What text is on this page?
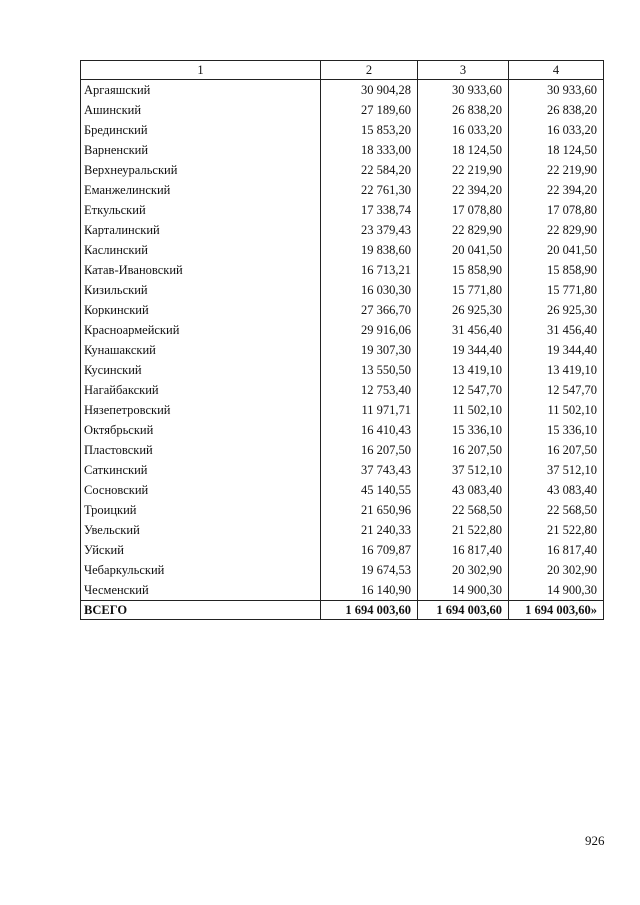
1	2	3	4
Аргаяшский	30 904,28	30 933,60	30 933,60
Ашинский	27 189,60	26 838,20	26 838,20
Брединский	15 853,20	16 033,20	16 033,20
Варненский	18 333,00	18 124,50	18 124,50
Верхнеуральский	22 584,20	22 219,90	22 219,90
Еманжелинский	22 761,30	22 394,20	22 394,20
Еткульский	17 338,74	17 078,80	17 078,80
Карталинский	23 379,43	22 829,90	22 829,90
Каслинский	19 838,60	20 041,50	20 041,50
Катав-Ивановский	16 713,21	15 858,90	15 858,90
Кизильский	16 030,30	15 771,80	15 771,80
Коркинский	27 366,70	26 925,30	26 925,30
Красноармейский	29 916,06	31 456,40	31 456,40
Кунашакский	19 307,30	19 344,40	19 344,40
Кусинский	13 550,50	13 419,10	13 419,10
Нагайбакский	12 753,40	12 547,70	12 547,70
Нязепетровский	11 971,71	11 502,10	11 502,10
Октябрьский	16 410,43	15 336,10	15 336,10
Пластовский	16 207,50	16 207,50	16 207,50
Саткинский	37 743,43	37 512,10	37 512,10
Сосновский	45 140,55	43 083,40	43 083,40
Троицкий	21 650,96	22 568,50	22 568,50
Увельский	21 240,33	21 522,80	21 522,80
Уйский	16 709,87	16 817,40	16 817,40
Чебаркульский	19 674,53	20 302,90	20 302,90
Чесменский	16 140,90	14 900,30	14 900,30
ВСЕГО	1 694 003,60	1 694 003,60	1 694 003,60»
926
